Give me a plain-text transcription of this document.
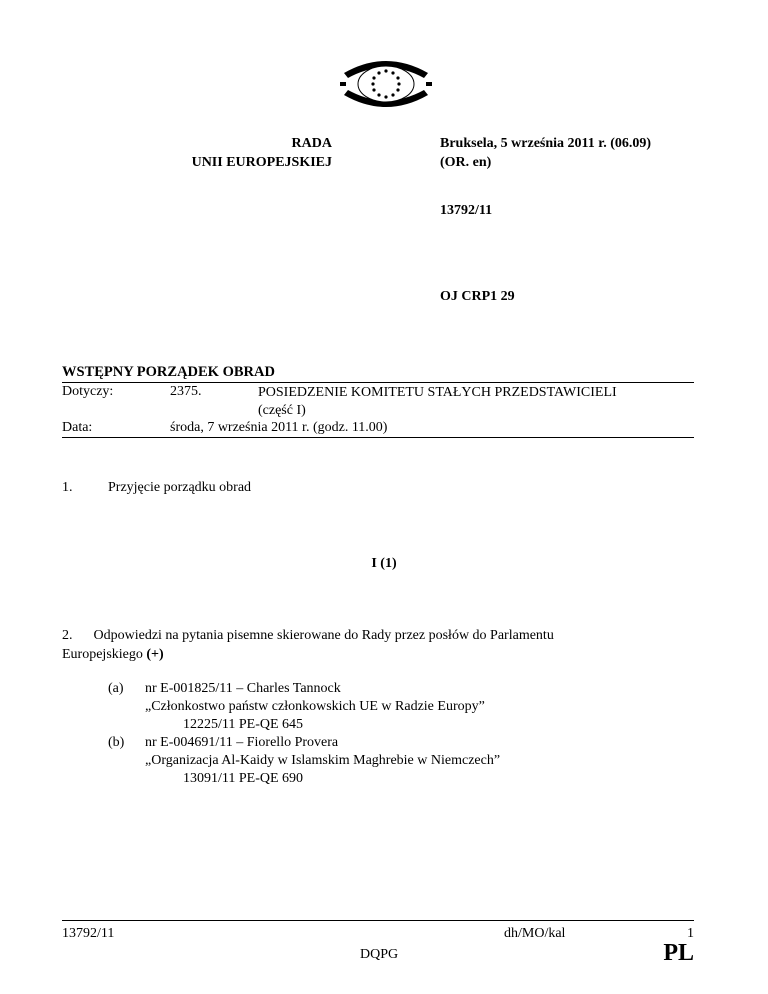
RADA
UNII EUROPEJSKIEJ
Bruksela, 5 września 2011 r. (06.09)
(OR. en)
13792/11
OJ CRP1 29
WSTĘPNY PORZĄDEK OBRAD
Dotyczy:	2375.	POSIEDZENIE KOMITETU STAŁYCH PRZEDSTAWICIELI
(część I)
Data:	środa, 7 września 2011 r. (godz. 11.00)
1.	Przyjęcie porządku obrad
I (1)
2.      Odpowiedzi na pytania pisemne skierowane do Rady przez posłów do Parlamentu
Europejskiego (+)
(a) nr E-001825/11 – Charles Tannock
„Członkostwo państw członkowskich UE w Radzie Europy”
12225/11 PE-QE 645
(b) nr E-004691/11 – Fiorello Provera
„Organizacja Al-Kaidy w Islamskim Maghrebie w Niemczech”
13091/11 PE-QE 690
13792/11	dh/MO/kal	1
DQPG	PL
